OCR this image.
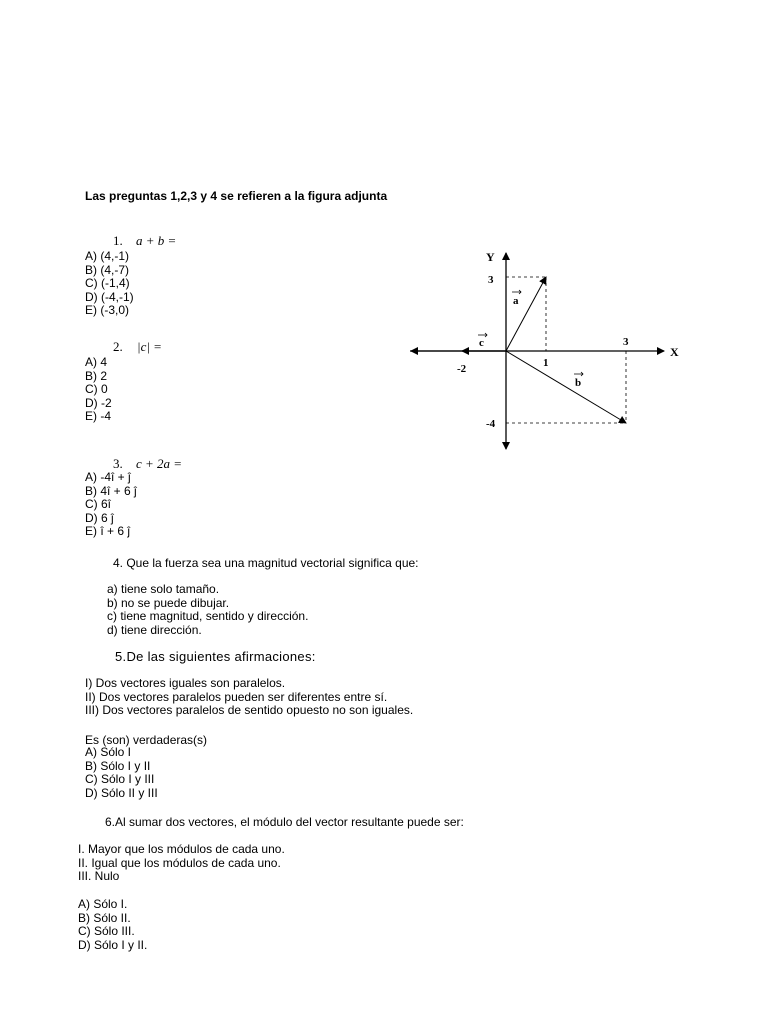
Las preguntas 1,2,3 y 4 se refieren a la figura adjunta
1. a + b =
A) (4,-1)
B) (4,-7)
C) (-1,4)
D) (-4,-1)
E) (-3,0)
2. |c| =
A) 4
B) 2
C) 0
D) -2
E) -4
3. c + 2a =
A) -4î + ĵ
B) 4î + 6 ĵ
C) 6î
D) 6 ĵ
E) î + 6 ĵ
4. Que la fuerza sea una magnitud vectorial significa que:
a) tiene solo tamaño.
b) no se puede dibujar.
c) tiene magnitud, sentido y dirección.
d) tiene dirección.
5.De las siguientes afirmaciones:
I) Dos vectores iguales son paralelos.
II) Dos vectores paralelos pueden ser diferentes entre sí.
III) Dos vectores paralelos de sentido opuesto no son iguales.
Es (son) verdaderas(s)
A) Sólo I
B) Sólo I y II
C) Sólo I y III
D) Sólo II y III
6.Al sumar dos vectores, el módulo del vector resultante puede ser:
I. Mayor que los módulos de cada uno.
II. Igual que los módulos de cada uno.
III. Nulo
A) Sólo I.
B) Sólo II.
C) Sólo III.
D) Sólo I y II.
Y
X
3
-4
3
1
-2
a
b
c
